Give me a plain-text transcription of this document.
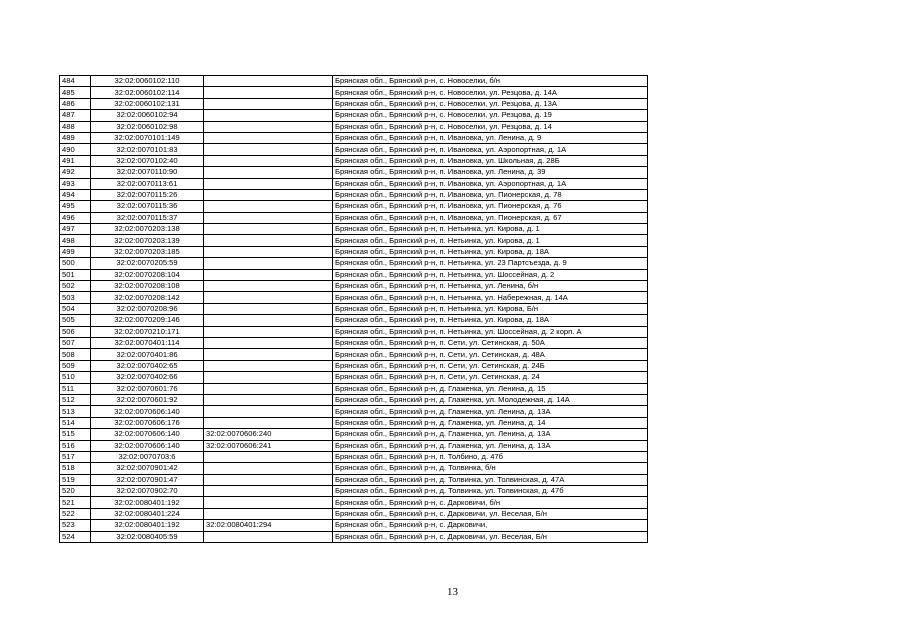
484	32:02:0060102:110		Брянская обл., Брянский р-н, с. Новоселки, б/н
485	32:02:0060102:114		Брянская обл., Брянский р-н, с. Новоселки, ул. Резцова, д. 14А
486	32:02:0060102:131		Брянская обл., Брянский р-н, с. Новоселки, ул. Резцова, д. 13А
487	32:02:0060102:94		Брянская обл., Брянский р-н, с. Новоселки, ул. Резцова, д. 19
488	32:02:0060102:98		Брянская обл., Брянский р-н, с. Новоселки, ул. Резцова, д. 14
489	32:02:0070101:149		Брянская обл., Брянский р-н, п. Ивановка, ул. Ленина, д. 9
490	32:02:0070101:83		Брянская обл., Брянский р-н, п. Ивановка, ул. Аэропортная, д. 1А
491	32:02:0070102:40		Брянская обл., Брянский р-н, п. Ивановка, ул. Школьная, д. 28Б
492	32:02:0070110:90		Брянская обл., Брянский р-н, п. Ивановка, ул. Ленина, д. 39
493	32:02:0070113:61		Брянская обл., Брянский р-н, п. Ивановка, ул. Аэропортная, д. 1А
494	32:02:0070115:26		Брянская обл., Брянский р-н, п. Ивановка, ул. Пионерская, д. 78
495	32:02:0070115:36		Брянская обл., Брянский р-н, п. Ивановка, ул. Пионерская, д. 76
496	32:02:0070115:37		Брянская обл., Брянский р-н, п. Ивановка, ул. Пионерская, д. 67
497	32:02:0070203:138		Брянская обл., Брянский р-н, п. Нетьинка, ул. Кирова, д. 1
498	32:02:0070203:139		Брянская обл., Брянский р-н, п. Нетьинка, ул. Кирова, д. 1
499	32:02:0070203:185		Брянская обл., Брянский р-н, п. Нетьинка, ул. Кирова, д. 18А
500	32:02:0070205:59		Брянская обл., Брянский р-н, п. Нетьинка, ул. 23 Партсъезда, д. 9
501	32:02:0070208:104		Брянская обл., Брянский р-н, п. Нетьинка, ул. Шоссейная, д. 2
502	32:02:0070208:108		Брянская обл., Брянский р-н, п. Нетьинка, ул. Ленина, б/н
503	32:02:0070208:142		Брянская обл., Брянский р-н, п. Нетьинка, ул. Набережная, д. 14А
504	32:02:0070208:96		Брянская обл., Брянский р-н, п. Нетьинка, ул. Кирова, Б/н
505	32:02:0070209:146		Брянская обл., Брянский р-н, п. Нетьинка, ул. Кирова, д. 18А
506	32:02:0070210:171		Брянская обл., Брянский р-н, п. Нетьинка, ул. Шоссейная, д. 2 корп. А
507	32:02:0070401:114		Брянская обл., Брянский р-н, п. Сети, ул. Сетинская, д. 50А
508	32:02:0070401:86		Брянская обл., Брянский р-н, п. Сети, ул. Сетинская, д. 48А
509	32:02:0070402:65		Брянская обл., Брянский р-н, п. Сети, ул. Сетинская, д. 24Б
510	32:02:0070402:66		Брянская обл., Брянский р-н, п. Сети, ул. Сетинская, д. 24
511	32:02:0070601:76		Брянская обл., Брянский р-н, д. Глаженка, ул. Ленина, д. 15
512	32:02:0070601:92		Брянская обл., Брянский р-н, д. Глаженка, ул. Молодежная, д. 14А
513	32:02:0070606:140		Брянская обл., Брянский р-н, д. Глаженка, ул. Ленина, д. 13А
514	32:02:0070606:176		Брянская обл., Брянский р-н, д. Глаженка, ул. Ленина, д. 14
515	32:02:0070606:140	32:02:0070606:240	Брянская обл., Брянский р-н, д. Глаженка, ул. Ленина, д. 13А
516	32:02:0070606:140	32:02:0070606:241	Брянская обл., Брянский р-н, д. Глаженка, ул. Ленина, д. 13А
517	32:02:0070703:6		Брянская обл., Брянский р-н, п. Толбино, д. 47б
518	32:02:0070901:42		Брянская обл., Брянский р-н, д. Толвинка, б/н
519	32:02:0070901:47		Брянская обл., Брянский р-н, д. Толвинка, ул. Толвинская, д. 47А
520	32:02:0070902:70		Брянская обл., Брянский р-н, д. Толвинка, ул. Толвинская, д. 47б
521	32:02:0080401:192		Брянская обл., Брянский р-н, с. Дарковичи, б/н
522	32:02:0080401:224		Брянская обл., Брянский р-н, с. Дарковичи, ул. Веселая, Б/н
523	32:02:0080401:192	32:02:0080401:294	Брянская обл., Брянский р-н, с. Дарковичи,
524	32:02:0080405:59		Брянская обл., Брянский р-н, с. Дарковичи, ул. Веселая, Б/н
13
